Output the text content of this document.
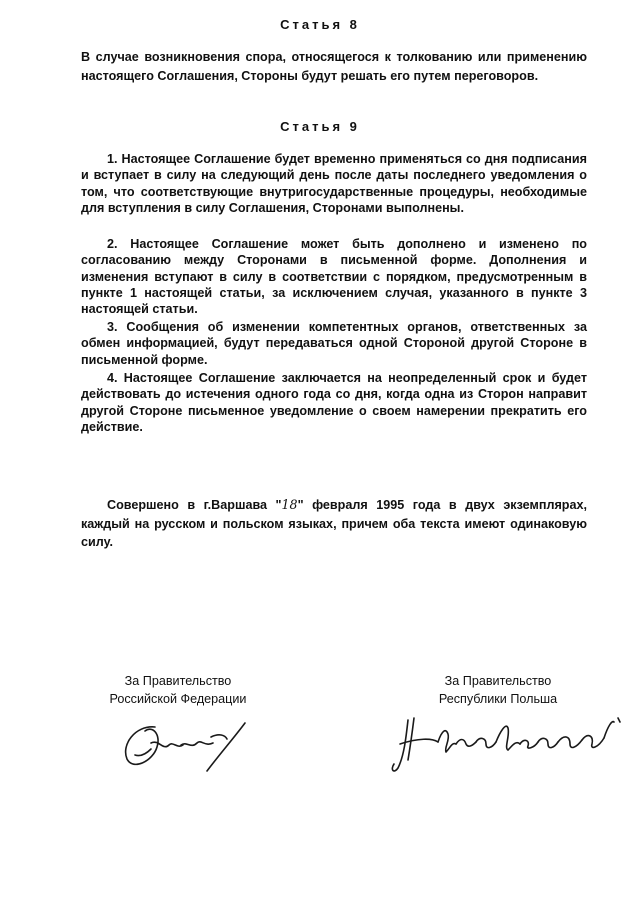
Статья 8

В случае возникновения спора, относящегося к толкованию или применению настоящего Соглашения, Стороны будут решать его путем переговоров.

Статья 9

1. Настоящее Соглашение будет временно применяться со дня подписания и вступает в силу на следующий день после даты последнего уведомления о том, что соответствующие внутригосударственные процедуры, необходимые для вступления в силу Соглашения, Сторонами выполнены.

2. Настоящее Соглашение может быть дополнено и изменено по согласованию между Сторонами в письменной форме. Дополнения и изменения вступают в силу в соответствии с порядком, предусмотренным в пункте 1 настоящей статьи, за исключением случая, указанного в пункте 3 настоящей статьи.

3. Сообщения об изменении компетентных органов, ответственных за обмен информацией, будут передаваться одной Стороной другой Стороне в письменной форме.

4. Настоящее Соглашение заключается на неопределенный срок и будет действовать до истечения одного года со дня, когда одна из Сторон направит другой Стороне письменное уведомление о своем намерении прекратить его действие.

Совершено в г.Варшава "18" февраля 1995 года в двух экземплярах, каждый на русском и польском языках, причем оба текста имеют одинаковую силу.

За Правительство
Российской Федерации
За Правительство
Республики Польша
